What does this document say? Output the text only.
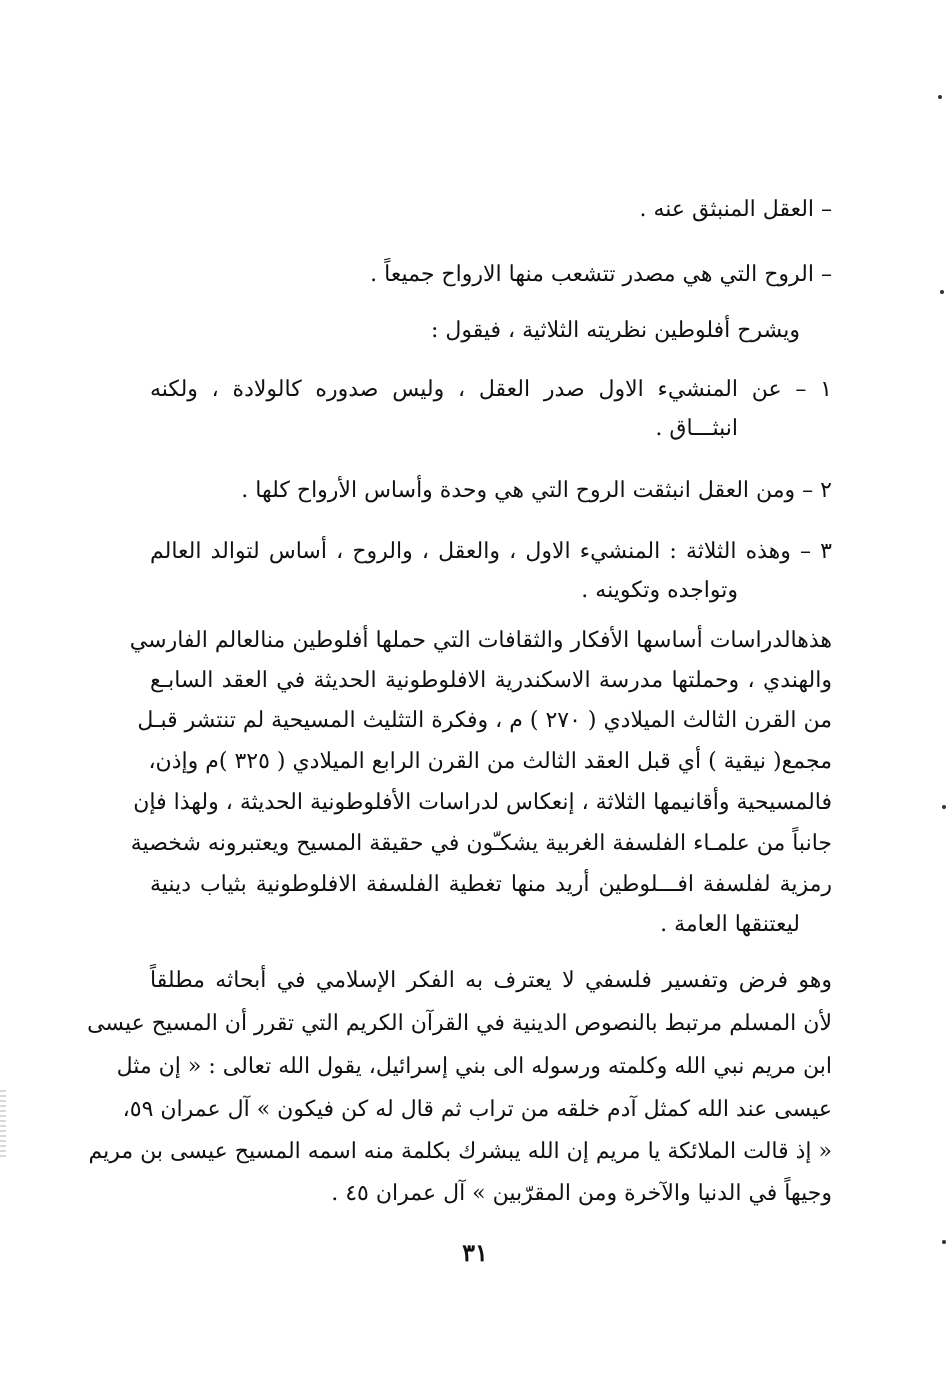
– العقل المنبثق عنه .
– الروح التي هي مصدر تتشعب منها الارواح جميعاً .
ويشرح أفلوطين نظريته الثلاثية ، فيقول :
١ – عن المنشيء الاول صدر العقل ، وليس صدوره كالولادة ، ولكنه
انبثـــاق .
٢ – ومن العقل انبثقت الروح التي هي وحدة وأساس الأرواح كلها .
٣ – وهذه الثلاثة : المنشيء الاول ، والعقل ، والروح ، أساس لتوالد العالم
وتواجده وتكوينه .
هذهالدراسات أساسها الأفكار والثقافات التي حملها أفلوطين منالعالم الفارسي
والهندي ، وحملتها مدرسة الاسكندرية الافلوطونية الحديثة في العقد السابـع
من القرن الثالث الميلادي ( ٢٧٠ ) م ، وفكرة التثليث المسيحية لم تنتشر قبـل
مجمع( نيقية ) أي قبل العقد الثالث من القرن الرابع الميلادي ( ٣٢٥ )م وإذن،
فالمسيحية وأقانيمها الثلاثة ، إنعكاس لدراسات الأفلوطونية الحديثة ، ولهذا فإن
جانباً من علمـاء الفلسفة الغربية يشكـّون في حقيقة المسيح ويعتبرونه شخصية
رمزية لفلسفة افـــلوطين أريد منها تغطية الفلسفة الافلوطونية بثياب دينية
ليعتنقها العامة .
وهو فرض وتفسير فلسفي لا يعترف به الفكر الإسلامي في أبحاثه مطلقاً
لأن المسلم مرتبط بالنصوص الدينية في القرآن الكريم التي تقرر أن المسيح عيسى
ابن مريم نبي الله وكلمته ورسوله الى بني إسرائيل، يقول الله تعالى : « إن مثل
عيسى عند الله كمثل آدم خلقه من تراب ثم قال له كن فيكون » آل عمران ٥٩،
« إذ قالت الملائكة يا مريم إن الله يبشرك بكلمة منه اسمه المسيح عيسى بن مريم
وجيهاً في الدنيا والآخرة ومن المقرّبين » آل عمران ٤٥ .
٣١
